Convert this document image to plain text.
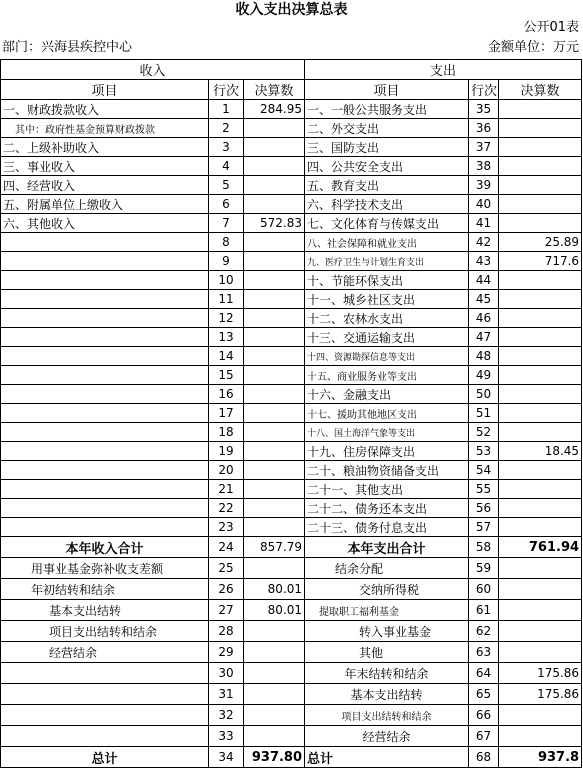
收入支出决算总表
公开01表
部门：兴海县疾控中心	金额单位：万元
收入			支出		
项目	行次	决算数	项目	行次	决算数
一、财政拨款收入	1	284.95	一、一般公共服务支出	35	
其中：政府性基金预算财政拨款	2		二、外交支出	36	
二、上级补助收入	3		三、国防支出	37	
三、事业收入	4		四、公共安全支出	38	
四、经营收入	5		五、教育支出	39	
五、附属单位上缴收入	6		六、科学技术支出	40	
六、其他收入	7	572.83	七、文化体育与传媒支出	41	
	8		八、社会保障和就业支出	42	25.89
	9		九、医疗卫生与计划生育支出	43	717.6
	10		十、节能环保支出	44	
	11		十一、城乡社区支出	45	
	12		十二、农林水支出	46	
	13		十三、交通运输支出	47	
	14		十四、资源勘探信息等支出	48	
	15		十五、商业服务业等支出	49	
	16		十六、金融支出	50	
	17		十七、援助其他地区支出	51	
	18		十八、国土海洋气象等支出	52	
	19		十九、住房保障支出	53	18.45
	20		二十、粮油物资储备支出	54	
	21		二十一、其他支出	55	
	22		二十二、债务还本支出	56	
	23		二十三、债务付息支出	57	
本年收入合计	24	857.79	本年支出合计	58	761.94
用事业基金弥补收支差额	25		结余分配	59	
年初结转和结余	26	80.01	交纳所得税	60	
基本支出结转	27	80.01	提取职工福利基金	61	
项目支出结转和结余	28		转入事业基金	62	
经营结余	29		其他	63	
	30		年末结转和结余	64	175.86
	31		基本支出结转	65	175.86
	32		项目支出结转和结余	66	
	33		经营结余	67	
总计	34	937.80	总计	68	937.8
